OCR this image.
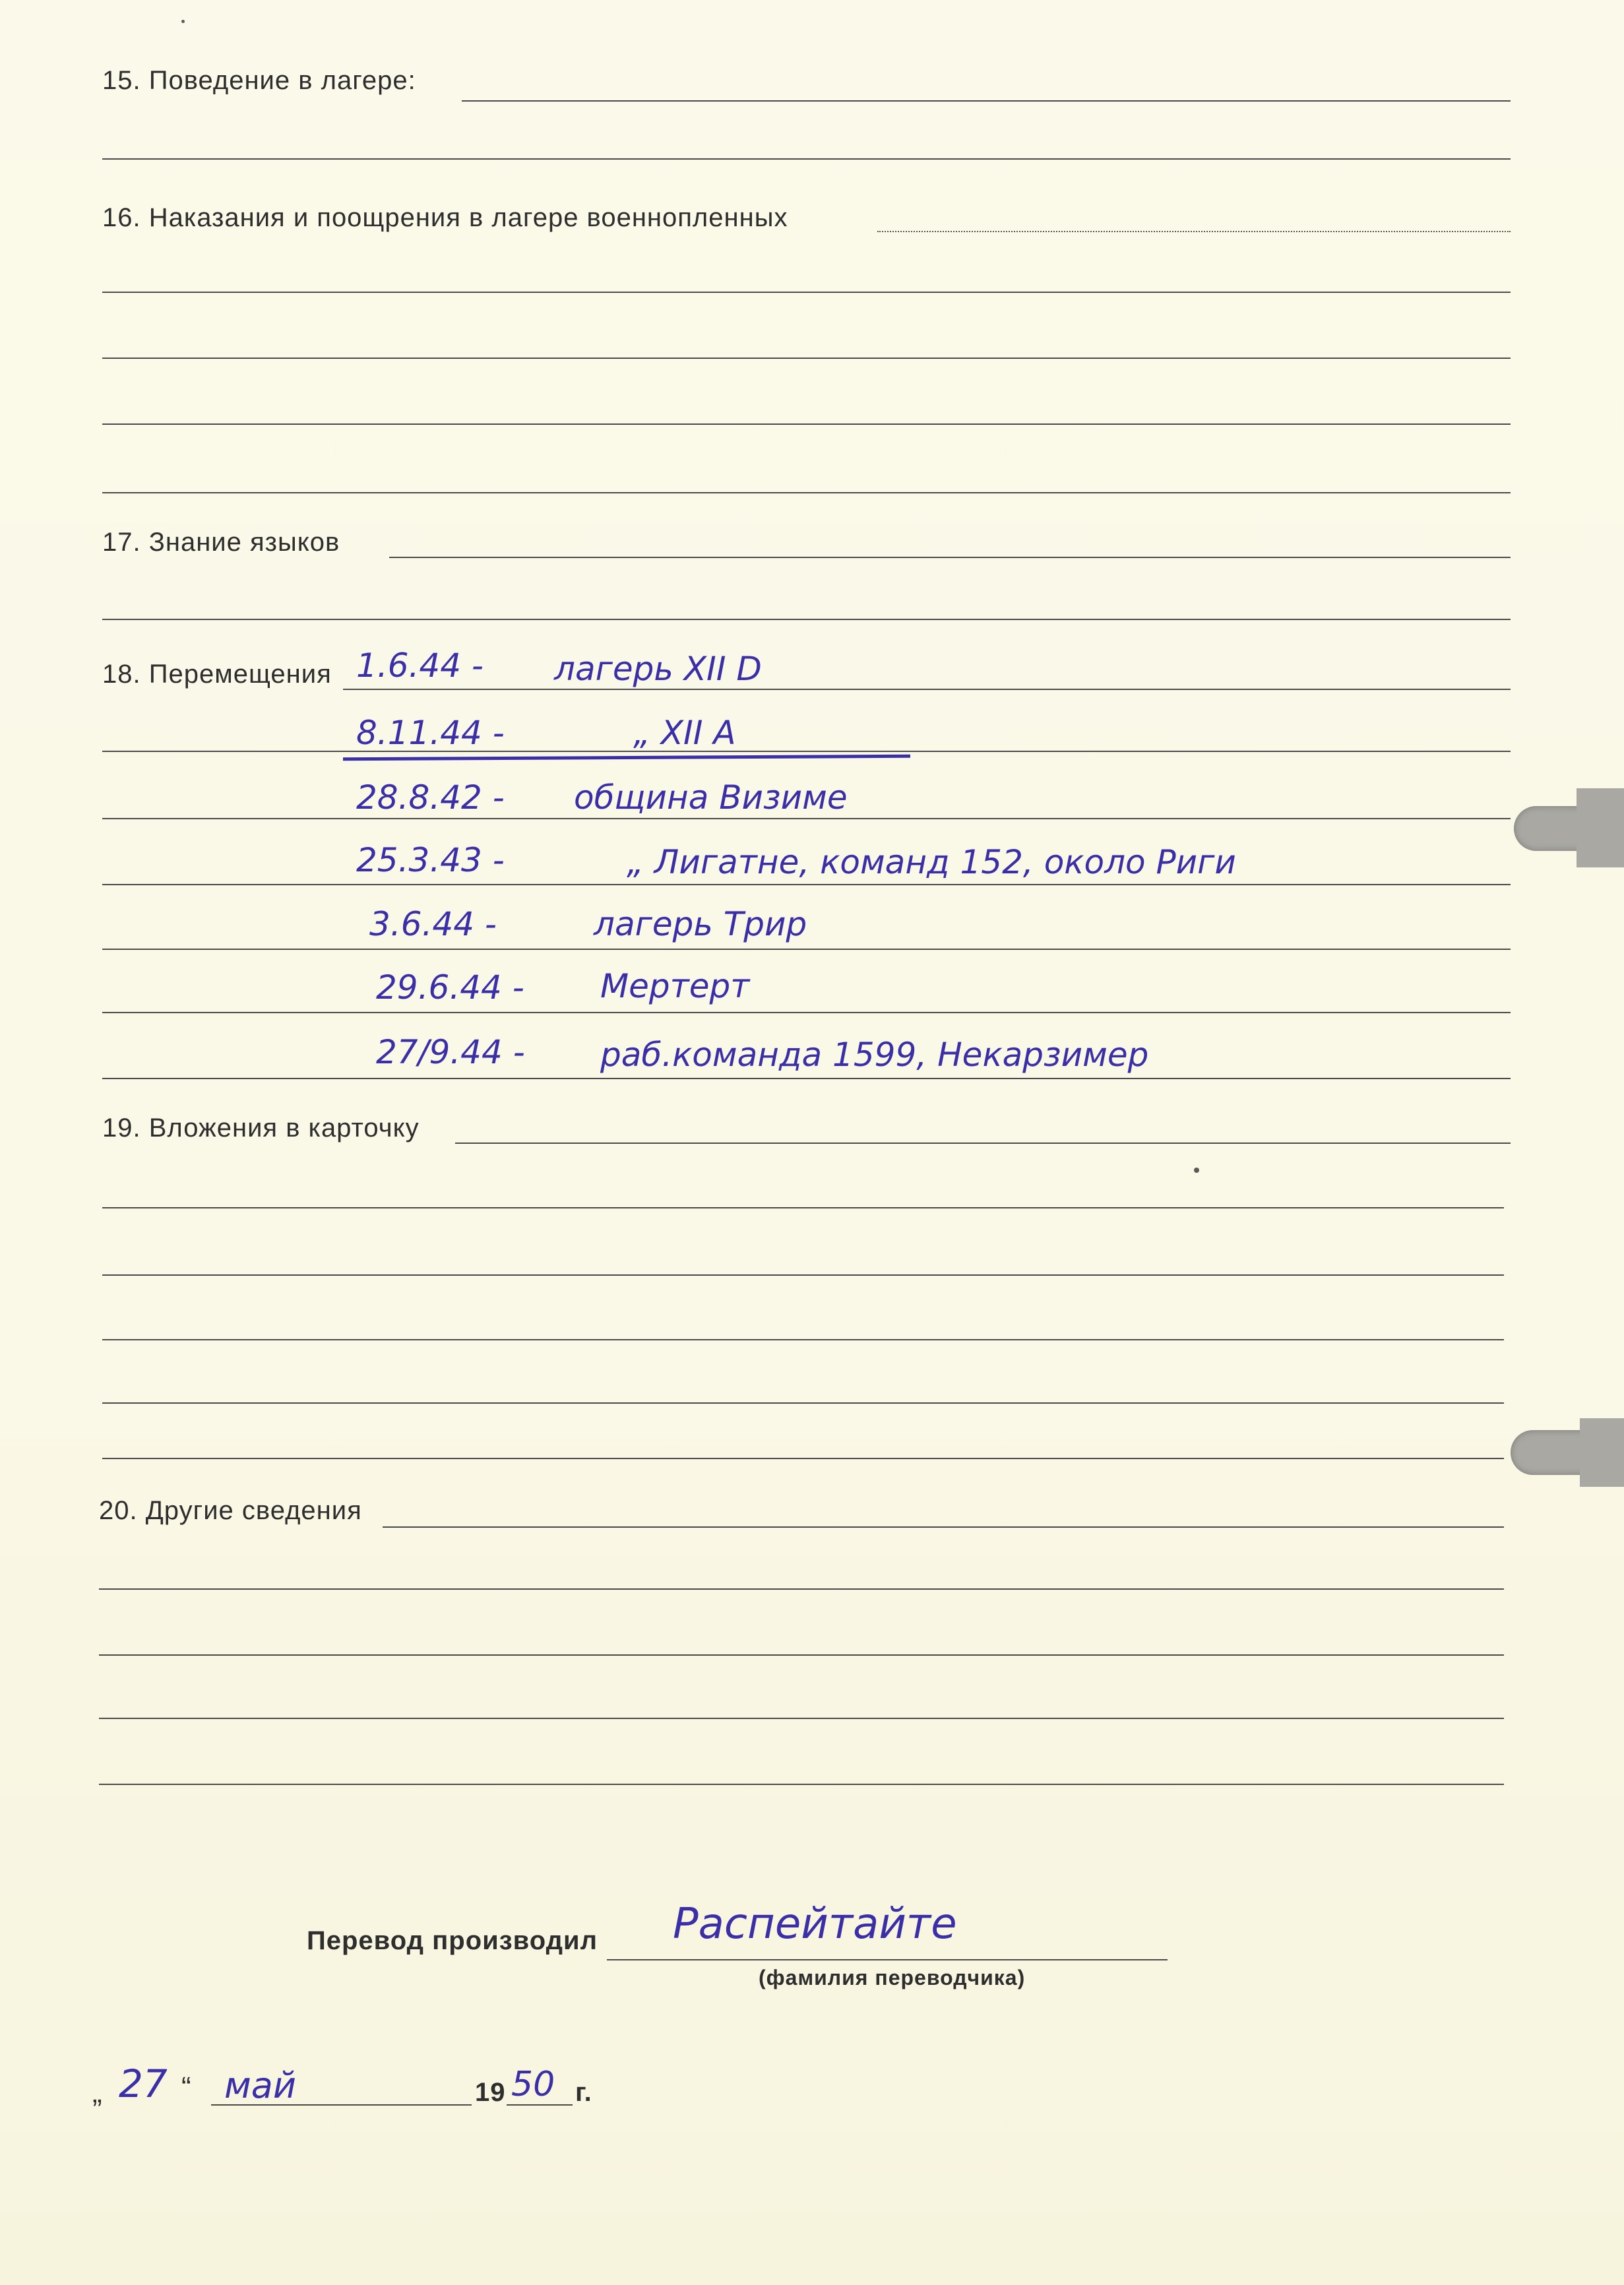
15. Поведение в лагере:
16. Наказания и поощрения в лагере военнопленных
17. Знание языков
18. Перемещения 1.6.44 - лагерь XII D
8.11.44 -	„ XII A
28.8.42 - община Визиме
25.3.43 -	„ Лигатне, команд 152, около Риги
3.6.44 -	лагерь Трир
29.6.44 - Мертерт
27/9.44 - раб.команда 1599, Некарзимер
19. Вложения в карточку
20. Другие сведения
Перевод производил Распейтайте
(фамилия переводчика)
„ 27 “ май	19 50 г.
